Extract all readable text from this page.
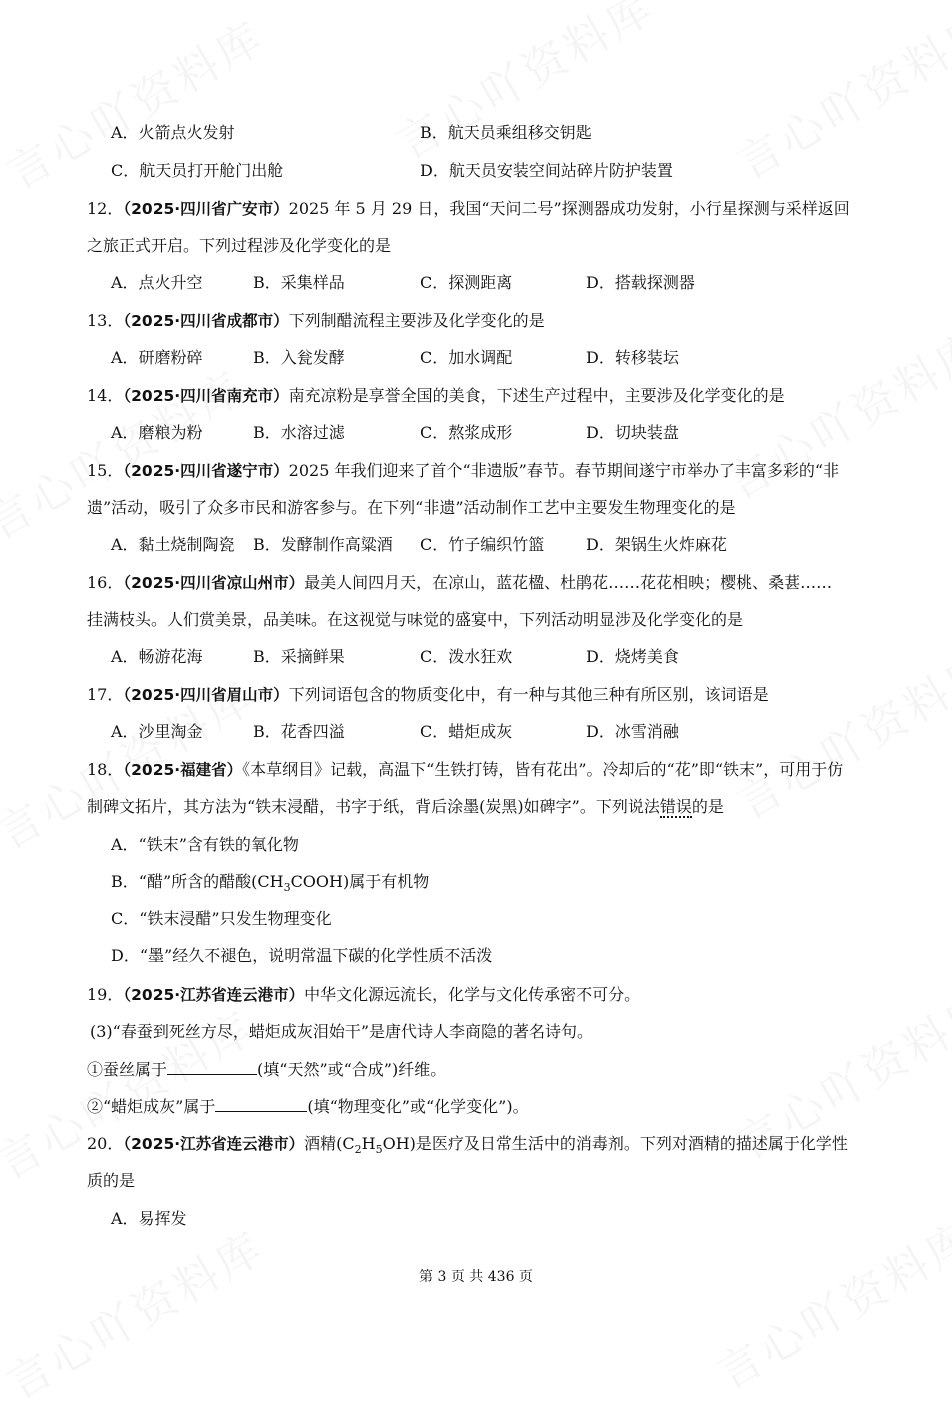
A．火箭点火发射	B．航天员乘组移交钥匙
C．航天员打开舱门出舱	D．航天员安装空间站碎片防护装置
12．（2025·四川省广安市）2025 年 5 月 29 日，我国“天问二号”探测器成功发射，小行星探测与采样返回
之旅正式开启。下列过程涉及化学变化的是
A．点火升空	B．采集样品	C．探测距离	D．搭载探测器
13．（2025·四川省成都市）下列制醋流程主要涉及化学变化的是
A．研磨粉碎	B．入瓮发酵	C．加水调配	D．转移装坛
14．（2025·四川省南充市）南充凉粉是享誉全国的美食，下述生产过程中，主要涉及化学变化的是
A．磨粮为粉	B．水溶过滤	C．熬浆成形	D．切块装盘
15．（2025·四川省遂宁市）2025 年我们迎来了首个“非遗版”春节。春节期间遂宁市举办了丰富多彩的“非
遗”活动，吸引了众多市民和游客参与。在下列“非遗”活动制作工艺中主要发生物理变化的是
A．黏土烧制陶瓷 B．发酵制作高粱酒 C．竹子编织竹篮	D．架锅生火炸麻花
16．（2025·四川省凉山州市）最美人间四月天，在凉山，蓝花楹、杜鹃花……花花相映；樱桃、桑葚……
挂满枝头。人们赏美景，品美味。在这视觉与味觉的盛宴中，下列活动明显涉及化学变化的是
A．畅游花海	B．采摘鲜果	C．泼水狂欢	D．烧烤美食
17．（2025·四川省眉山市）下列词语包含的物质变化中，有一种与其他三种有所区别，该词语是
A．沙里淘金	B．花香四溢	C．蜡炬成灰	D．冰雪消融
18．（2025·福建省）《本草纲目》记载，高温下“生铁打铸，皆有花出”。冷却后的“花”即“铁末”，可用于仿
制碑文拓片，其方法为“铁末浸醋，书字于纸，背后涂墨(炭黑)如碑字”。下列说法错误的是
A．“铁末”含有铁的氧化物
B．“醋”所含的醋酸$(CH_3COOH)$属于有机物
C．“铁末浸醋”只发生物理变化
D．“墨”经久不褪色，说明常温下碳的化学性质不活泼
19．（2025·江苏省连云港市）中华文化源远流长，化学与文化传承密不可分。
(3)“春蚕到死丝方尽，蜡炬成灰泪始干”是唐代诗人李商隐的著名诗句。
①蚕丝属于	(填“天然”或“合成”)纤维。
②“蜡炬成灰”属于	(填“物理变化”或“化学变化”)。
20．（2025·江苏省连云港市）酒精$(C_2H_5OH)$是医疗及日常生活中的消毒剂。下列对酒精的描述属于化学性
质的是
A．易挥发
第 3 页 共 436 页
